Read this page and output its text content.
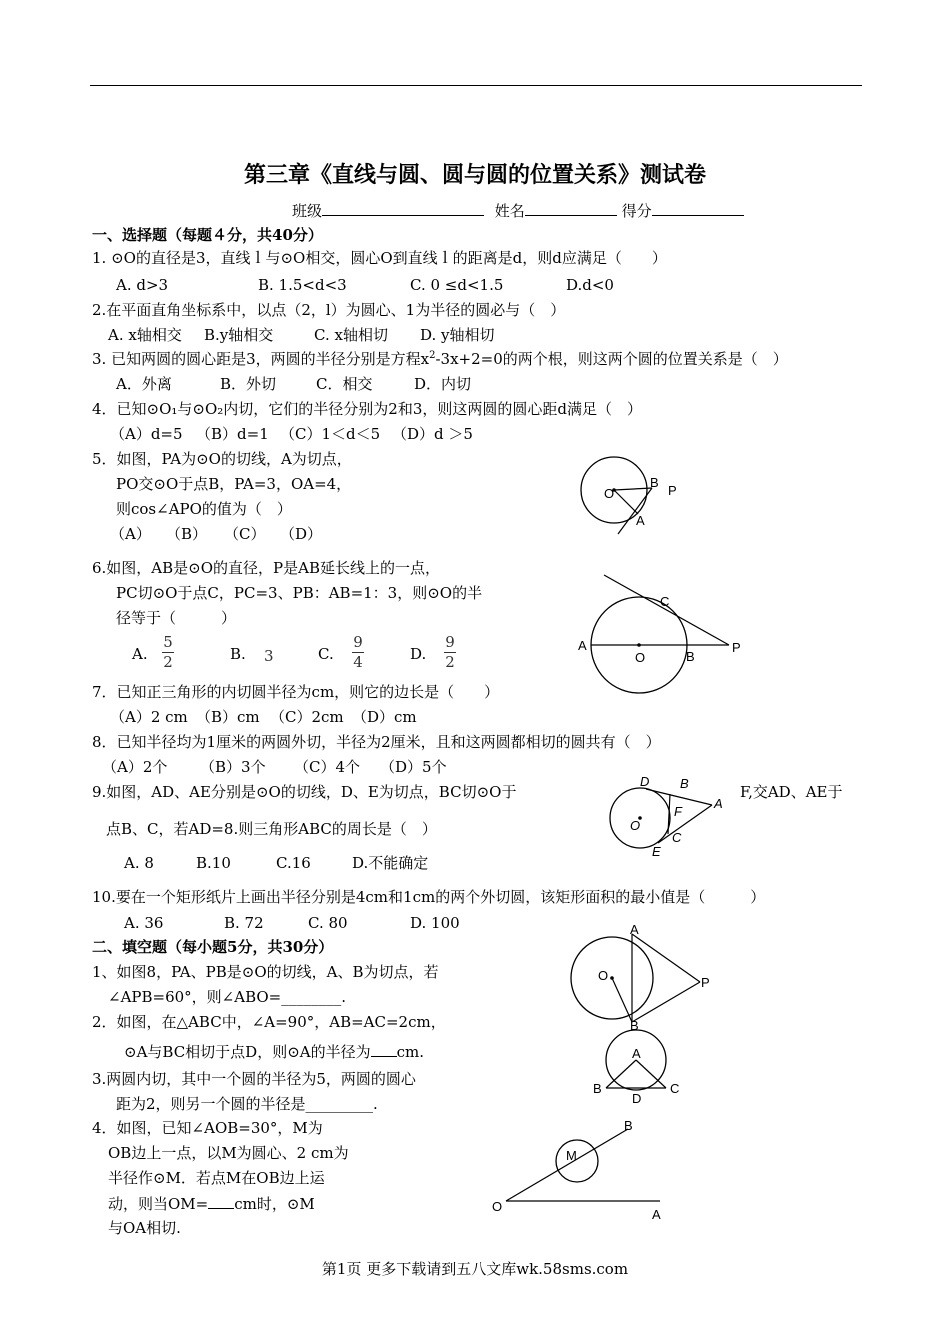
第三章《直线与圆、圆与圆的位置关系》测试卷
班级	姓名	得分
一、选择题（每题４分，共40分）
1. ⊙O的直径是3，直线ｌ与⊙O相交，圆心O到直线ｌ的距离是d，则d应满足（　　）
A. d>3	B. 1.5<d<3	C. 0 ≤d<1.5	D.d<0
2.在平面直角坐标系中，以点（2，l）为圆心、1为半径的圆必与（　）
A. x轴相交 B.y轴相交	C. x轴相切 D. y轴相切
3. 已知两圆的圆心距是3，两圆的半径分别是方程$x^2-3x+2=0$的两个根，则这两个圆的位置关系是（　）
A．外离	B．外切	C．相交	D．内切
4．已知⊙O₁与⊙O₂内切，它们的半径分别为2和3，则这两圆的圆心距d满足（　）
（A）d=5 （B）d=1 （C）1＜d＜5 （D）d ＞5
5．如图，PA为⊙O的切线，A为切点，
PO交⊙O于点B，PA=3，OA=4，
则cos∠APO的值为（　）
（A） （B） （C） （D）
O
B
P
A
6.如图，AB是⊙O的直径，P是AB延长线上的一点，
PC切⊙O于点C，PC=3、PB：AB=1：3，则⊙O的半
径等于（　　　）
A.
5
2	B. 3	C.
9
4	D.
9
2
C
A
O	B
P
7．已知正三角形的内切圆半径为cm，则它的边长是（　　）
（A）2 cm （B）cm （C）2cm （D）cm
8．已知半径均为1厘米的两圆外切，半径为2厘米，且和这两圆都相切的圆共有（　）
（A）2个 （B）3个 （C）4个 （D）5个
9.如图，AD、AE分别是⊙O的切线，D、E为切点，BC切⊙O于	F,交AD、AE于
点B、C，若AD=8.则三角形ABC的周长是（　）
A. 8	B.10	C.16	D.不能确定
D B
F
A
O
C
E
10.要在一个矩形纸片上画出半径分别是4cm和1cm的两个外切圆，该矩形面积的最小值是（　　　）
A. 36	B. 72	C. 80	D. 100
二、填空题（每小题5分，共30分）
1、如图8，PA、PB是⊙O的切线，A、B为切点，若
∠APB=60°，则∠ABO=________.
A
O	P
B
2．如图，在△ABC中，∠A=90°，AB=AC=2cm，
⊙A与BC相切于点D，则⊙A的半径为 cm.	A
B	C
D
3.两圆内切，其中一个圆的半径为5，两圆的圆心
距为2，则另一个圆的半径是_________.
4．如图，已知∠AOB=30°，M为
OB边上一点，以M为圆心、2 cm为
半径作⊙M．若点M在OB边上运
动，则当OM= cm时，⊙M
与OA相切.
B
M
O
A
第1页 更多下载请到五八文库wk.58sms.com
